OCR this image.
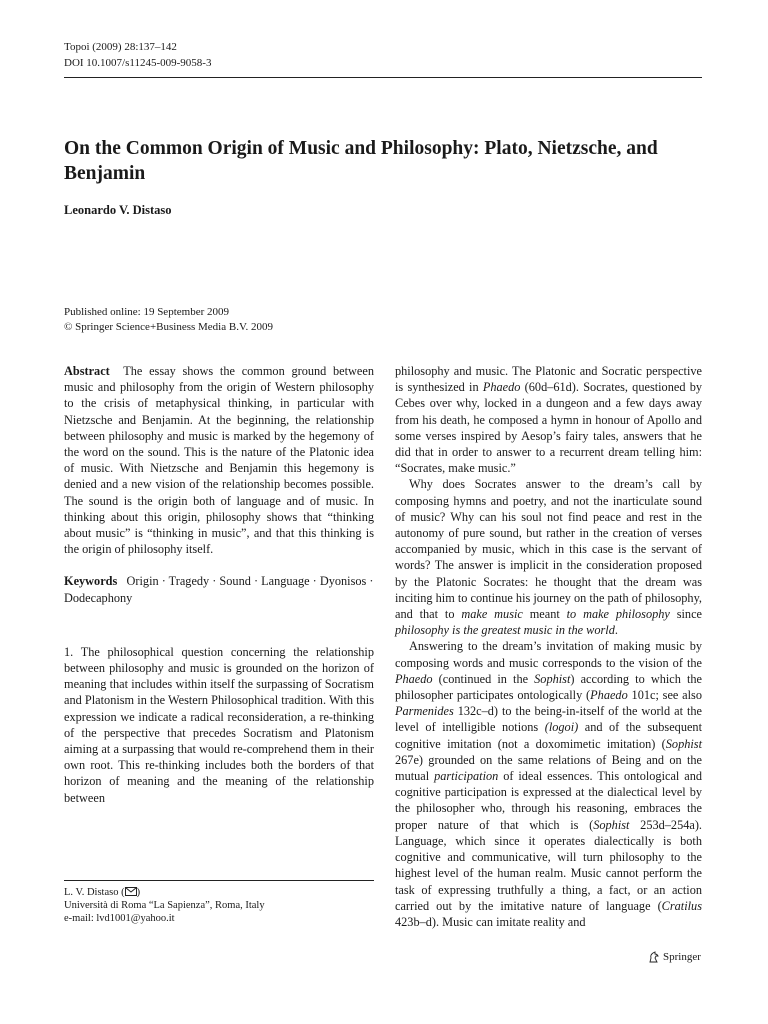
Topoi (2009) 28:137–142
DOI 10.1007/s11245-009-9058-3
On the Common Origin of Music and Philosophy: Plato, Nietzsche, and Benjamin
Leonardo V. Distaso
Published online: 19 September 2009
© Springer Science+Business Media B.V. 2009

Abstract The essay shows the common ground between music and philosophy from the origin of Western philosophy to the crisis of metaphysical thinking, in particular with Nietzsche and Benjamin. At the beginning, the relationship between philosophy and music is marked by the hegemony of the word on the sound. This is the nature of the Platonic idea of music. With Nietzsche and Benjamin this hegemony is denied and a new vision of the relationship becomes possible. The sound is the origin both of language and of music. In thinking about this origin, philosophy shows that “thinking about music” is “thinking in music”, and that this thinking is the origin of philosophy itself.

Keywords Origin · Tragedy · Sound · Language · Dyonisos · Dodecaphony

1. The philosophical question concerning the relationship between philosophy and music is grounded on the horizon of meaning that includes within itself the surpassing of Socratism and Platonism in the Western Philosophical tradition. With this expression we indicate a radical reconsideration, a re-thinking of the perspective that precedes Socratism and Platonism aiming at a surpassing that would re-comprehend them in their own root. This re-thinking includes both the borders of that horizon of meaning and the meaning of the relationship between

philosophy and music. The Platonic and Socratic perspective is synthesized in Phaedo (60d–61d). Socrates, questioned by Cebes over why, locked in a dungeon and a few days away from his death, he composed a hymn in honour of Apollo and some verses inspired by Aesop’s fairy tales, answers that he did that in order to answer to a recurrent dream telling him: “Socrates, make music.”

Why does Socrates answer to the dream’s call by composing hymns and poetry, and not the inarticulate sound of music? Why can his soul not find peace and rest in the autonomy of pure sound, but rather in the creation of verses accompanied by music, which in this case is the servant of words? The answer is implicit in the consideration proposed by the Platonic Socrates: he thought that the dream was inciting him to continue his journey on the path of philosophy, and that to make music meant to make philosophy since philosophy is the greatest music in the world.

Answering to the dream’s invitation of making music by composing words and music corresponds to the vision of the Phaedo (continued in the Sophist) according to which the philosopher participates ontologically (Phaedo 101c; see also Parmenides 132c–d) to the being-in-itself of the world at the level of intelligible notions (logoi) and of the subsequent cognitive imitation (not a doxomimetic imitation) (Sophist 267e) grounded on the same relations of Being and on the mutual participation of ideal essences. This ontological and cognitive participation is expressed at the dialectical level by the philosopher who, through his reasoning, embraces the proper nature of that which is (Sophist 253d–254a). Language, which since it operates dialectically is both cognitive and communicative, will turn philosophy to the highest level of the human realm. Music cannot perform the task of expressing truthfully a thing, a fact, or an action carried out by the imitative nature of language (Cratilus 423b–d). Music can imitate reality and

L. V. Distaso ( )
Università di Roma “La Sapienza”, Roma, Italy
e-mail: lvd1001@yahoo.it
Springer
